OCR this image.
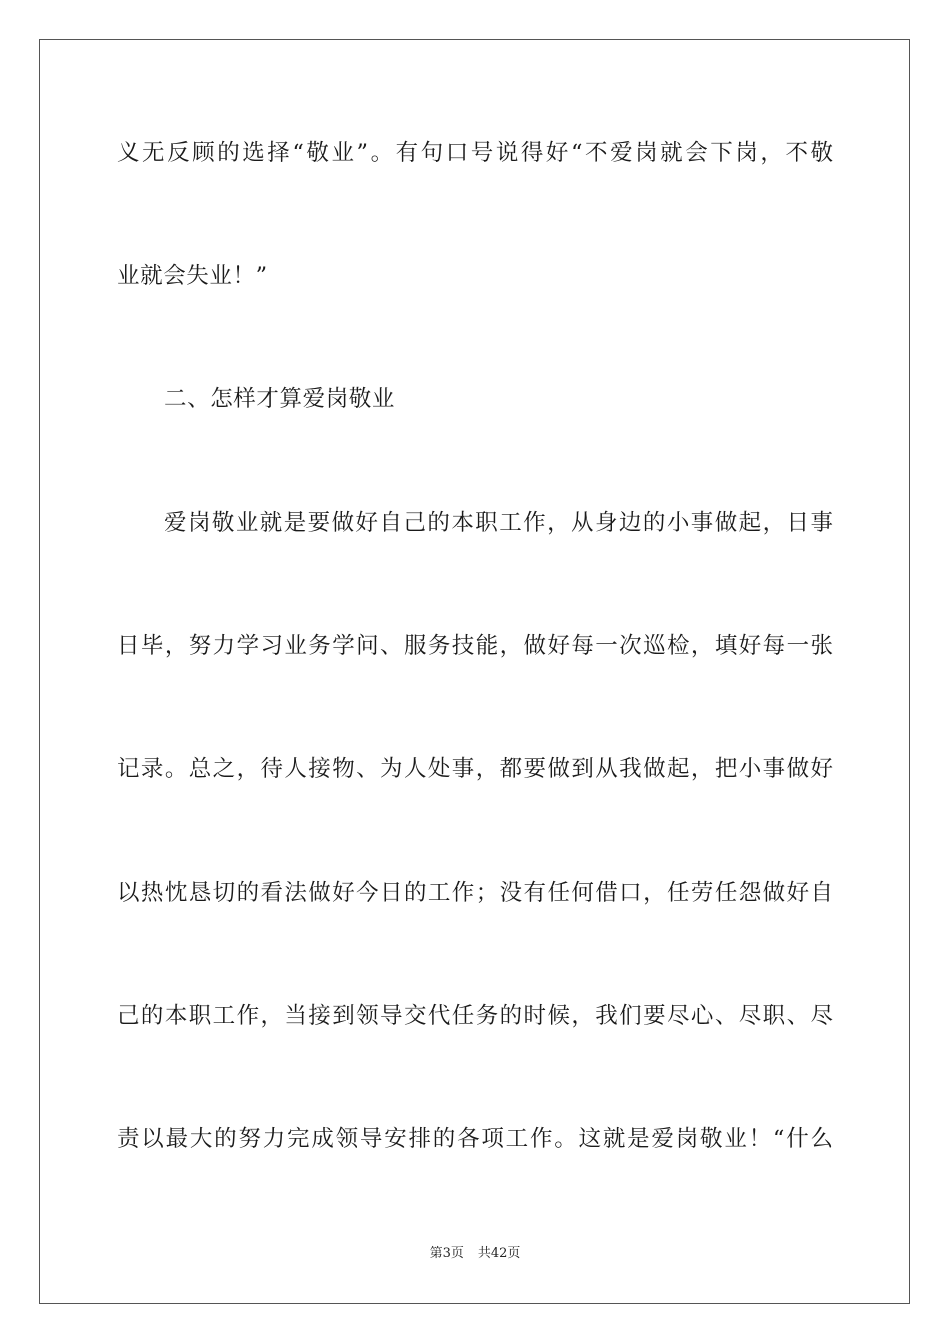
义无反顾的选择“敬业”。有句口号说得好“不爱岗就会下岗，不敬
业就会失业！”
二、怎样才算爱岗敬业
爱岗敬业就是要做好自己的本职工作，从身边的小事做起，日事
日毕，努力学习业务学问、服务技能，做好每一次巡检，填好每一张
记录。总之，待人接物、为人处事，都要做到从我做起，把小事做好
以热忱恳切的看法做好今日的工作；没有任何借口，任劳任怨做好自
己的本职工作，当接到领导交代任务的时候，我们要尽心、尽职、尽
责以最大的努力完成领导安排的各项工作。这就是爱岗敬业！“什么
第3页 共42页
